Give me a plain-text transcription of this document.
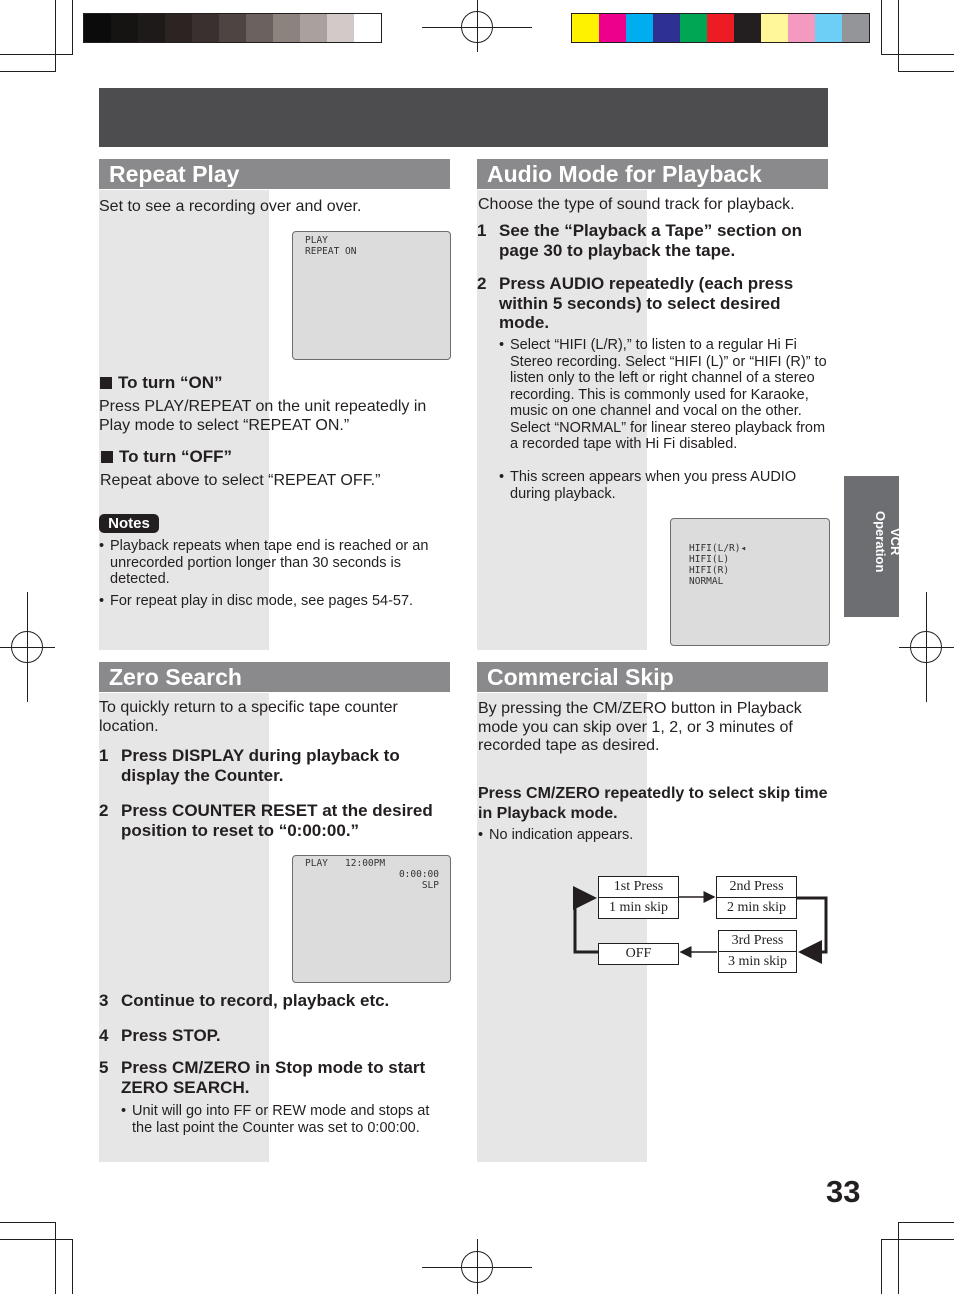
Repeat Play
Set to see a recording over and over.
PLAY
REPEAT ON
To turn “ON”
Press PLAY/REPEAT on the unit repeatedly in Play mode to select “REPEAT ON.”
To turn “OFF”
Repeat above to select “REPEAT OFF.”
Notes
• Playback repeats when tape end is reached or an unrecorded portion longer than 30 seconds is detected.
• For repeat play in disc mode, see pages 54-57.
Zero Search
To quickly return to a specific tape counter location.
1 Press DISPLAY during playback to display the Counter.
2 Press COUNTER RESET at the desired position to reset to “0:00:00.”
PLAY   12:00PM
0:00:00
SLP
3 Continue to record, playback etc.
4 Press STOP.
5 Press CM/ZERO in Stop mode to start ZERO SEARCH.
• Unit will go into FF or REW mode and stops at the last point the Counter was set to 0:00:00.
Audio Mode for Playback
Choose the type of sound track for playback.
1 See the “Playback a Tape” section on page 30 to playback the tape.
2 Press AUDIO repeatedly (each press within 5 seconds) to select desired mode.
• Select “HIFI (L/R),” to listen to a regular Hi Fi Stereo recording. Select “HIFI (L)” or “HIFI (R)” to listen only to the left or right channel of a stereo recording. This is commonly used for Karaoke, music on one channel and vocal on the other. Select “NORMAL” for linear stereo playback from a recorded tape with Hi Fi disabled.
• This screen appears when you press AUDIO during playback.
HIFI(L/R)◂
HIFI(L)
HIFI(R)
NORMAL
Commercial Skip
By pressing the CM/ZERO button in Playback mode you can skip over 1, 2, or 3 minutes of recorded tape as desired.
Press CM/ZERO repeatedly to select skip time in Playback mode.
• No indication appears.
1st Press
1 min skip
2nd Press
2 min skip
3rd Press
3 min skip
OFF
VCR
Operation
33
